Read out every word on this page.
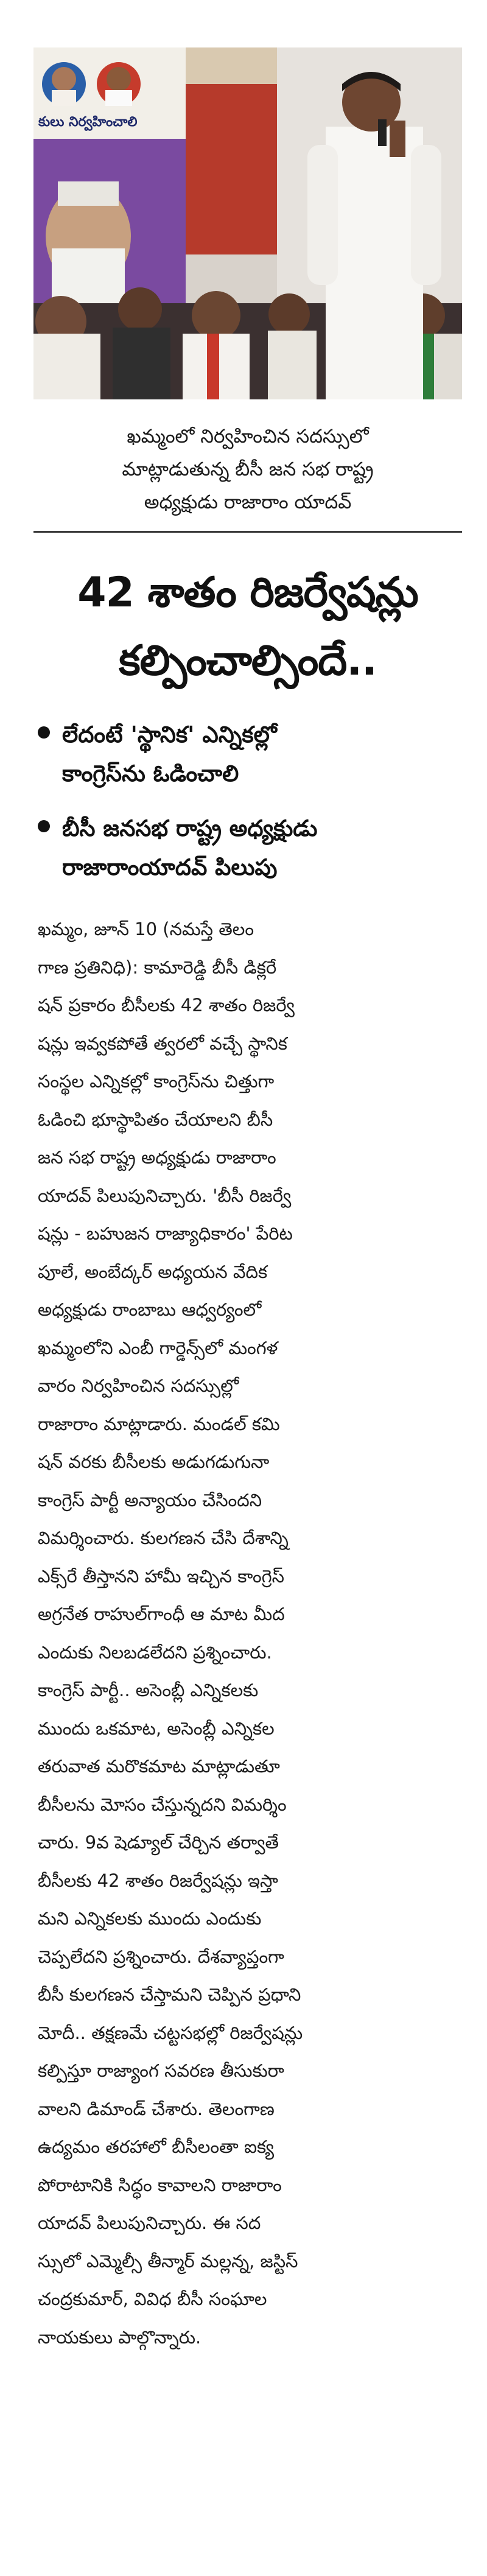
కులు నిర్వహించాలి
ఖమ్మంలో నిర్వహించిన సదస్సులో
మాట్లాడుతున్న బీసీ జన సభ రాష్ట్ర
అధ్యక్షుడు రాజారాం యాదవ్
42 శాతం రిజర్వేషన్లు
కల్పించాల్సిందే..
లేదంటే 'స్థానిక' ఎన్నికల్లో
కాంగ్రెస్‌ను ఓడించాలి
బీసీ జనసభ రాష్ట్ర అధ్యక్షుడు
రాజారాంయాదవ్ పిలుపు
ఖమ్మం, జూన్ 10 (నమస్తే తెలం
గాణ ప్రతినిధి): కామారెడ్డి బీసీ డిక్లరే
షన్ ప్రకారం బీసీలకు 42 శాతం రిజర్వే
షన్లు ఇవ్వకపోతే త్వరలో వచ్చే స్థానిక
సంస్థల ఎన్నికల్లో కాంగ్రెస్‌ను చిత్తుగా
ఓడించి భూస్థాపితం చేయాలని బీసీ
జన సభ రాష్ట్ర అధ్యక్షుడు రాజారాం
యాదవ్ పిలుపునిచ్చారు. 'బీసీ రిజర్వే
షన్లు - బహుజన రాజ్యాధికారం' పేరిట
పూలే, అంబేద్కర్ అధ్యయన వేదిక
అధ్యక్షుడు రాంబాబు ఆధ్వర్యంలో
ఖమ్మంలోని ఎంబీ గార్డెన్స్‌లో మంగళ
వారం నిర్వహించిన సదస్సుల్లో
రాజారాం మాట్లాడారు. మండల్ కమి
షన్ వరకు బీసీలకు అడుగడుగునా
కాంగ్రెస్ పార్టీ అన్యాయం చేసిందని
విమర్శించారు. కులగణన చేసి దేశాన్ని
ఎక్స్‌రే తీస్తానని హామీ ఇచ్చిన కాంగ్రెస్
అగ్రనేత రాహుల్‌గాంధీ ఆ మాట మీద
ఎందుకు నిలబడలేదని ప్రశ్నించారు.
కాంగ్రెస్ పార్టీ.. అసెంబ్లీ ఎన్నికలకు
ముందు ఒకమాట, అసెంబ్లీ ఎన్నికల
తరువాత మరొకమాట మాట్లాడుతూ
బీసీలను మోసం చేస్తున్నదని విమర్శిం
చారు. 9వ షెడ్యూల్ చేర్చిన తర్వాతే
బీసీలకు 42 శాతం రిజర్వేషన్లు ఇస్తా
మని ఎన్నికలకు ముందు ఎందుకు
చెప్పలేదని ప్రశ్నించారు. దేశవ్యాప్తంగా
బీసీ కులగణన చేస్తామని చెప్పిన ప్రధాని
మోదీ.. తక్షణమే చట్టసభల్లో రిజర్వేషన్లు
కల్పిస్తూ రాజ్యాంగ సవరణ తీసుకురా
వాలని డిమాండ్ చేశారు. తెలంగాణ
ఉద్యమం తరహాలో బీసీలంతా ఐక్య
పోరాటానికి సిద్ధం కావాలని రాజారాం
యాదవ్ పిలుపునిచ్చారు. ఈ సద
స్సులో ఎమ్మెల్సీ తీన్మార్ మల్లన్న, జస్టిస్
చంద్రకుమార్, వివిధ బీసీ సంఘాల
నాయకులు పాల్గొన్నారు.
